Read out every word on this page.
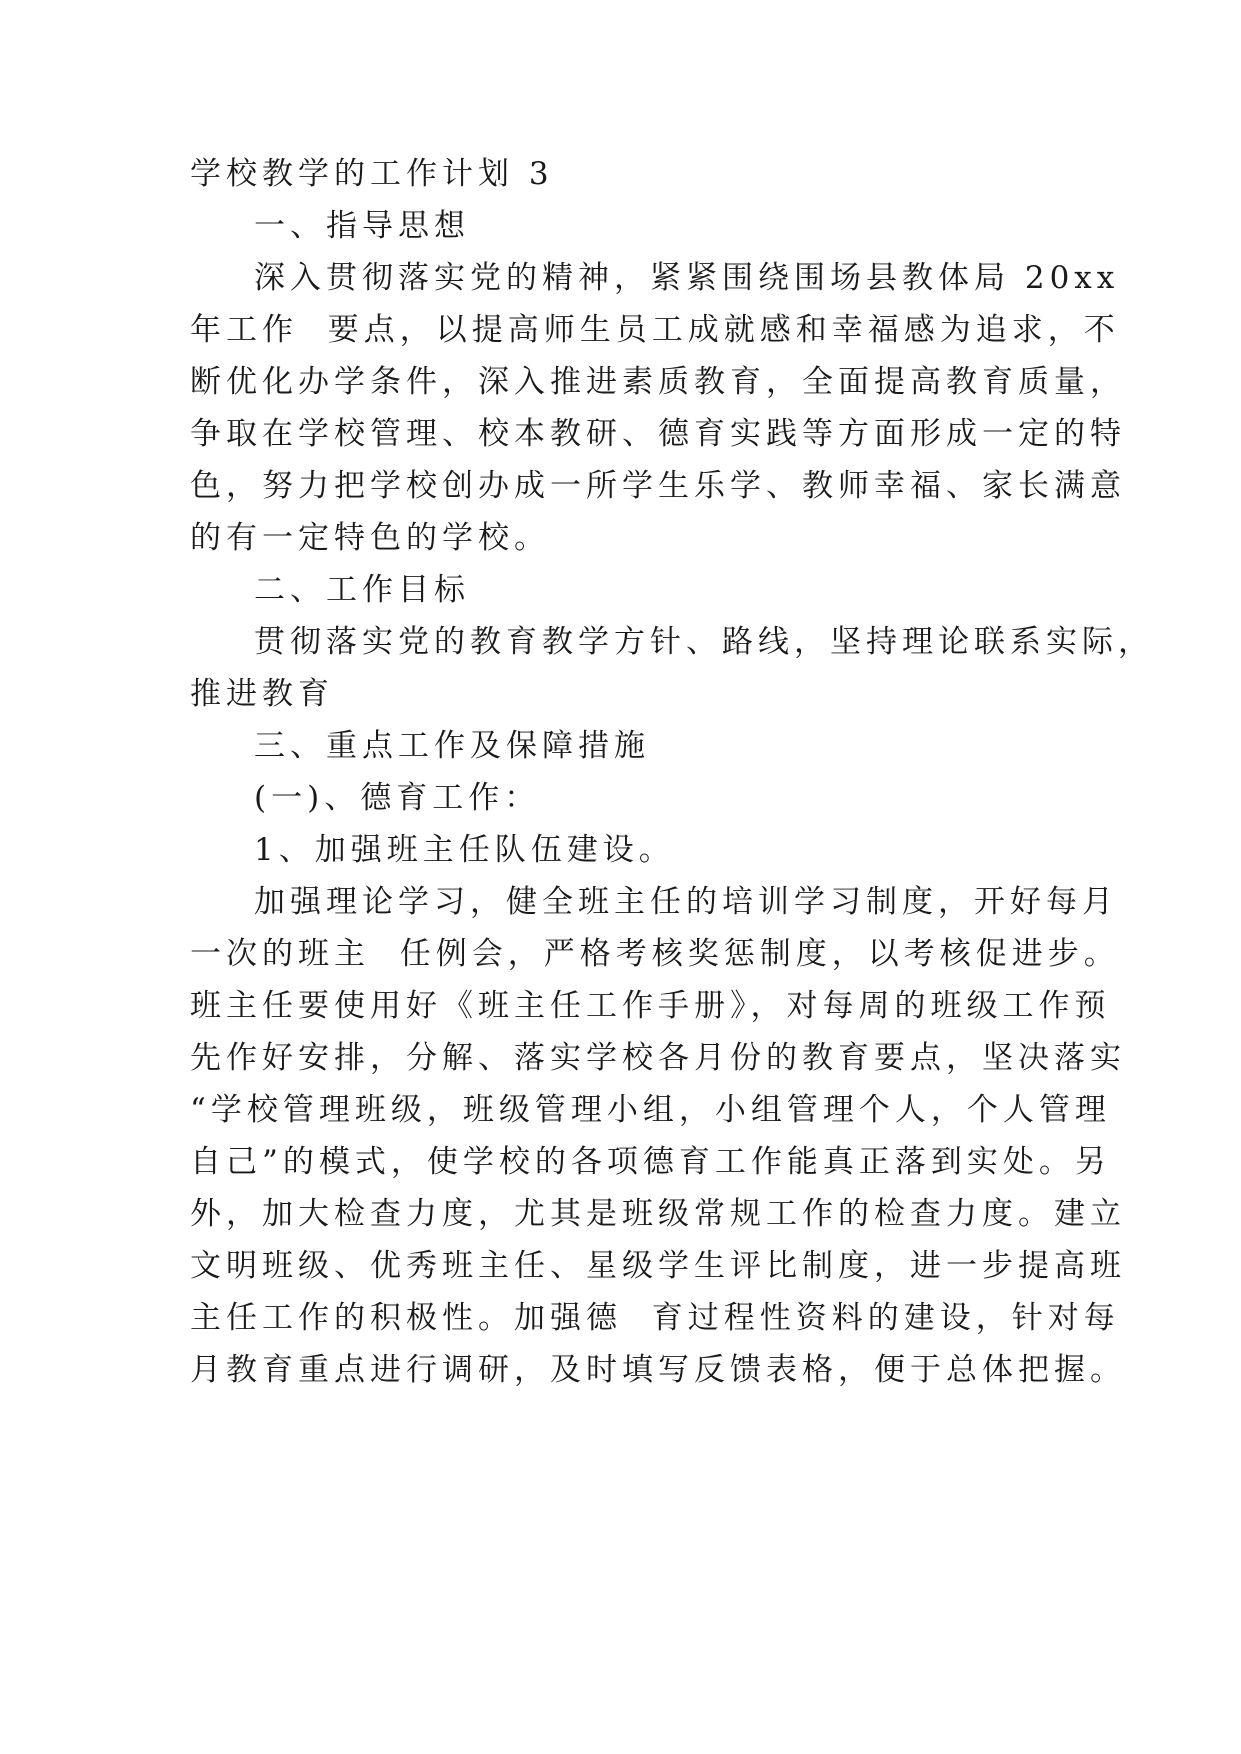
学校教学的工作计划 3
一、指导思想
深入贯彻落实党的精神，紧紧围绕围场县教体局 20xx
年工作  要点，以提高师生员工成就感和幸福感为追求，不
断优化办学条件，深入推进素质教育，全面提高教育质量，
争取在学校管理、校本教研、德育实践等方面形成一定的特
色，努力把学校创办成一所学生乐学、教师幸福、家长满意
的有一定特色的学校。
二、工作目标
贯彻落实党的教育教学方针、路线，坚持理论联系实际，
推进教育
三、重点工作及保障措施
(一)、德育工作：
1、加强班主任队伍建设。
加强理论学习，健全班主任的培训学习制度，开好每月
一次的班主  任例会，严格考核奖惩制度，以考核促进步。
班主任要使用好《班主任工作手册》，对每周的班级工作预
先作好安排，分解、落实学校各月份的教育要点，坚决落实
“学校管理班级，班级管理小组，小组管理个人，个人管理
自己”的模式，使学校的各项德育工作能真正落到实处。另
外，加大检查力度，尤其是班级常规工作的检查力度。建立
文明班级、优秀班主任、星级学生评比制度，进一步提高班
主任工作的积极性。加强德  育过程性资料的建设，针对每
月教育重点进行调研，及时填写反馈表格，便于总体把握。
